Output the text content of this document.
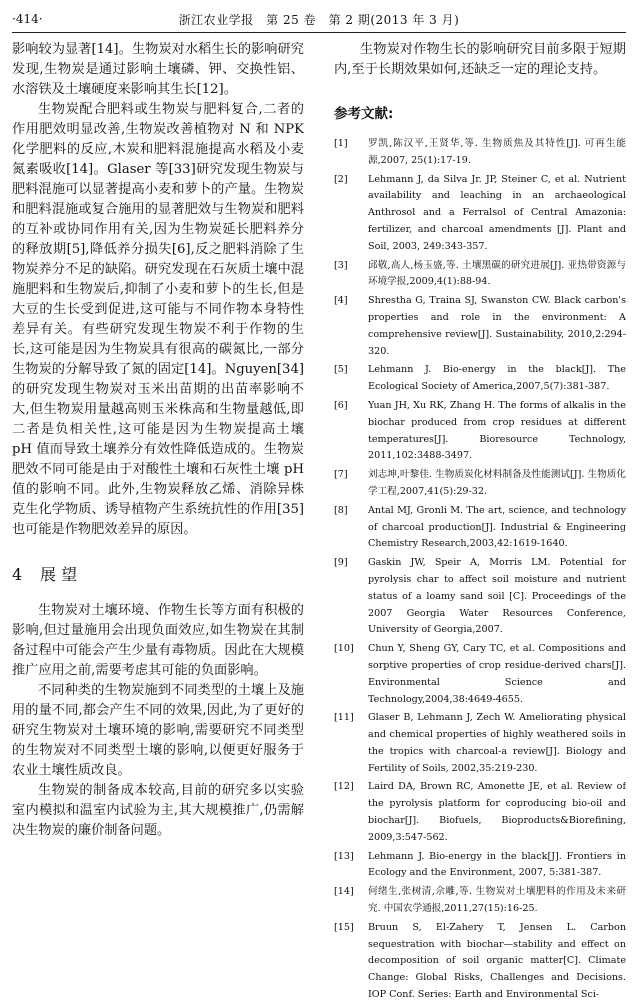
·414·	浙江农业学报　第 25 卷　第 2 期(2013 年 3 月)

影响较为显著[14]。生物炭对水稻生长的影响研究发现,生物炭是通过影响土壤磷、钾、交换性铝、水溶铁及土壤硬度来影响其生长[12]。

生物炭配合肥料或生物炭与肥料复合,二者的作用肥效明显改善,生物炭改善植物对 N 和 NPK 化学肥料的反应,木炭和肥料混施提高水稻及小麦氮素吸收[14]。Glaser 等[33]研究发现生物炭与肥料混施可以显著提高小麦和萝卜的产量。生物炭和肥料混施或复合施用的显著肥效与生物炭和肥料的互补或协同作用有关,因为生物炭延长肥料养分的释放期[5],降低养分损失[6],反之肥料消除了生物炭养分不足的缺陷。研究发现在石灰质土壤中混施肥料和生物炭后,抑制了小麦和萝卜的生长,但是大豆的生长受到促进,这可能与不同作物本身特性差异有关。有些研究发现生物炭不利于作物的生长,这可能是因为生物炭具有很高的碳氮比,一部分生物炭的分解导致了氮的固定[14]。Nguyen[34]的研究发现生物炭对玉米出苗期的出苗率影响不大,但生物炭用量越高则玉米株高和生物量越低,即二者是负相关性,这可能是因为生物炭提高土壤 pH 值而导致土壤养分有效性降低造成的。生物炭肥效不同可能是由于对酸性土壤和石灰性土壤 pH 值的影响不同。此外,生物炭释放乙烯、消除异株克生化学物质、诱导植物产生系统抗性的作用[35]也可能是作物肥效差异的原因。

4 展 望

生物炭对土壤环境、作物生长等方面有积极的影响,但过量施用会出现负面效应,如生物炭在其制备过程中可能会产生少量有毒物质。因此在大规模推广应用之前,需要考虑其可能的负面影响。

不同种类的生物炭施到不同类型的土壤上及施用的量不同,都会产生不同的效果,因此,为了更好的研究生物炭对土壤环境的影响,需要研究不同类型的生物炭对不同类型土壤的影响,以便更好服务于农业土壤性质改良。

生物炭的制备成本较高,目前的研究多以实验室内模拟和温室内试验为主,其大规模推广,仍需解决生物炭的廉价制备问题。

生物炭对作物生长的影响研究目前多限于短期内,至于长期效果如何,还缺乏一定的理论支持。

参考文献:
[1]	罗凯,陈汉平,王贤华,等. 生物质焦及其特性[J]. 可再生能源,2007, 25(1):17-19.
[2]	Lehmann J, da Silva Jr. JP, Steiner C, et al. Nutrient availability and leaching in an archaeological Anthrosol and a Ferralsol of Central Amazonia: fertilizer, and charcoal amendments [J]. Plant and Soil, 2003, 249:343-357.
[3]	邱敬,高人,杨玉盛,等. 土壤黑碳的研究进展[J]. 亚热带资源与环境学报,2009,4(1):88-94.
[4]	Shrestha G, Traina SJ, Swanston CW. Black carbon's properties and role in the environment: A comprehensive review[J]. Sustainability, 2010,2:294-320.
[5]	Lehmann J. Bio-energy in the black[J]. The Ecological Society of America,2007,5(7):381-387.
[6]	Yuan JH, Xu RK, Zhang H. The forms of alkalis in the biochar produced from crop residues at different temperatures[J]. Bioresource Technology, 2011,102:3488-3497.
[7]	刘志坤,叶黎佳. 生物质炭化材料制备及性能测试[J]. 生物质化学工程,2007,41(5):29-32.
[8]	Antal MJ, Gronli M. The art, science, and technology of charcoal production[J]. Industrial & Engineering Chemistry Research,2003,42:1619-1640.
[9]	Gaskin JW, Speir A, Morris LM. Potential for pyrolysis char to affect soil moisture and nutrient status of a loamy sand soil [C]. Proceedings of the 2007 Georgia Water Resources Conference, University of Georgia,2007.
[10]	Chun Y, Sheng GY, Cary TC, et al. Compositions and sorptive properties of crop residue-derived chars[J]. Environmental Science and Technology,2004,38:4649-4655.
[11]	Glaser B, Lehmann J, Zech W. Ameliorating physical and chemical properties of highly weathered soils in the tropics with charcoal-a review[J]. Biology and Fertility of Soils, 2002,35:219-230.
[12]	Laird DA, Brown RC, Amonette JE, et al. Review of the pyrolysis platform for coproducing bio-oil and biochar[J]. Biofuels, Bioproducts&Biorefining, 2009,3:547-562.
[13]	Lehmann J. Bio-energy in the black[J]. Frontiers in Ecology and the Environment, 2007, 5:381-387.
[14]	何绪生,张树清,佘雕,等. 生物炭对土壤肥料的作用及未来研究. 中国农学通报,2011,27(15):16-25.
[15]	Bruun S, El-Zahery T, Jensen L. Carbon sequestration with biochar—stability and effect on decomposition of soil organic matter[C]. Climate Change: Global Risks, Challenges and Decisions. IOP Conf. Series: Earth and Environmental Sci-
